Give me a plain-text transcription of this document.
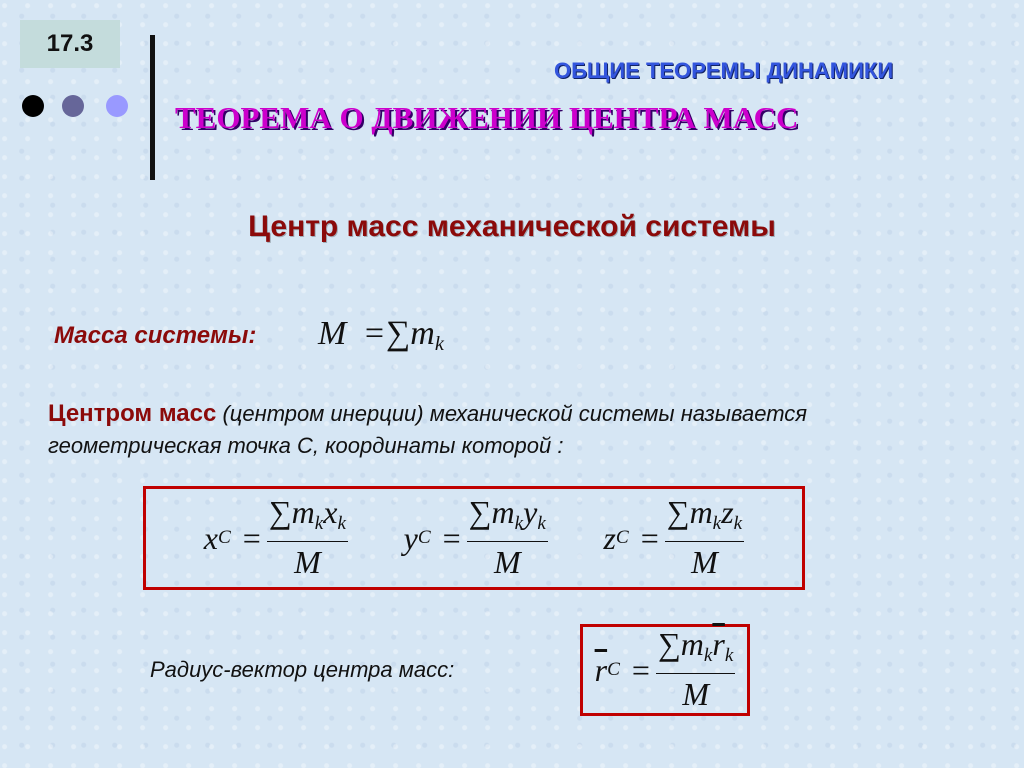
17.3
ТЕОРЕМА О ДВИЖЕНИИ ЦЕНТРА МАСС
ОБЩИЕ ТЕОРЕМЫ ДИНАМИКИ
Центр масс механической системы
Масса системы: $M =\sum m_k$
Центром масс (центром инерции) механической системы называется геометрическая точка С, координаты которой :
x $C = \frac{\sum m_kx_k}{M}$ y $C = \frac{\sum m_ky_k}{M}$ z $C = \frac{\sum m_kz_k}{M}$
Радиус-вектор центра масс:	$\overline{r}$ $C = \frac{\sum m_k\overline{r}_k}{M}$
